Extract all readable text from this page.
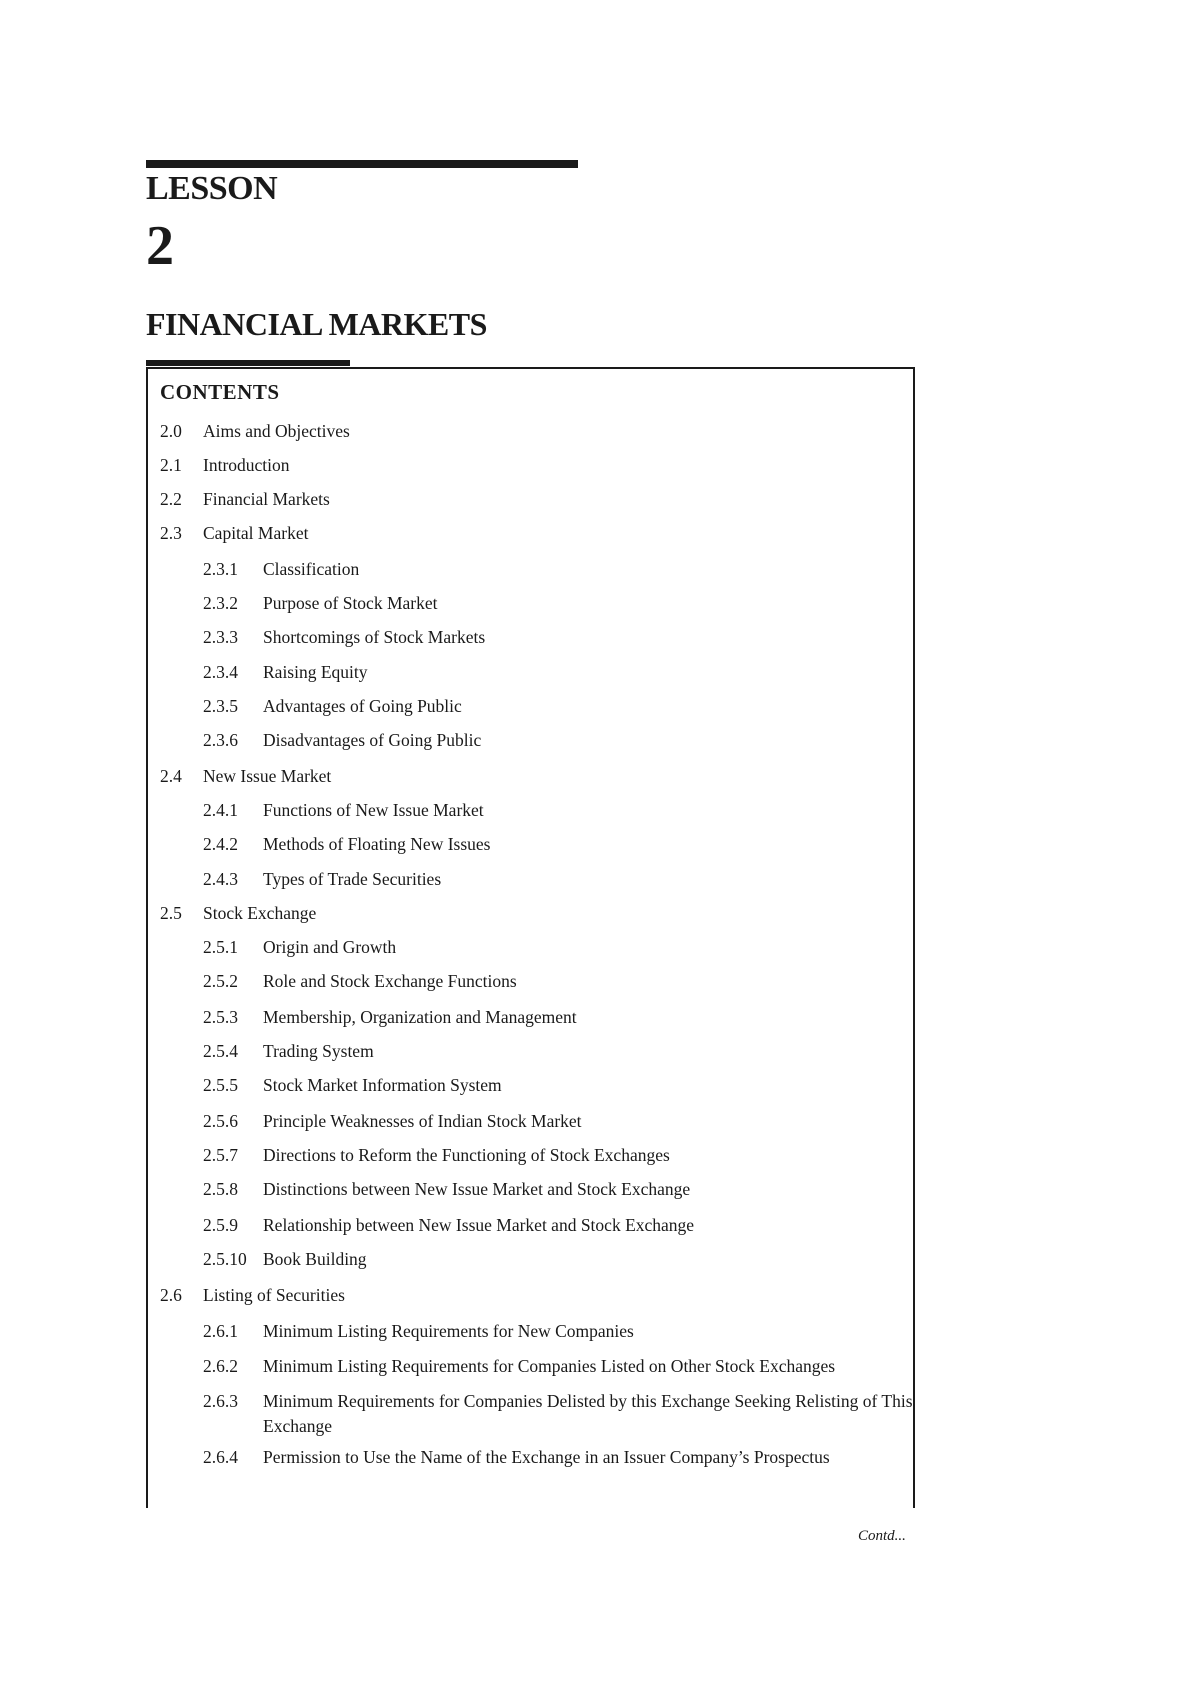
LESSON
2
FINANCIAL MARKETS
CONTENTS
2.0 Aims and Objectives
2.1 Introduction
2.2 Financial Markets
2.3 Capital Market
2.3.1 Classification
2.3.2 Purpose of Stock Market
2.3.3 Shortcomings of Stock Markets
2.3.4 Raising Equity
2.3.5 Advantages of Going Public
2.3.6 Disadvantages of Going Public
2.4 New Issue Market
2.4.1 Functions of New Issue Market
2.4.2 Methods of Floating New Issues
2.4.3 Types of Trade Securities
2.5 Stock Exchange
2.5.1 Origin and Growth
2.5.2 Role and Stock Exchange Functions
2.5.3 Membership, Organization and Management
2.5.4 Trading System
2.5.5 Stock Market Information System
2.5.6 Principle Weaknesses of Indian Stock Market
2.5.7 Directions to Reform the Functioning of Stock Exchanges
2.5.8 Distinctions between New Issue Market and Stock Exchange
2.5.9 Relationship between New Issue Market and Stock Exchange
2.5.10 Book Building
2.6 Listing of Securities
2.6.1 Minimum Listing Requirements for New Companies
2.6.2 Minimum Listing Requirements for Companies Listed on Other Stock Exchanges
2.6.3 Minimum Requirements for Companies Delisted by this Exchange Seeking Relisting of This Exchange
2.6.4 Permission to Use the Name of the Exchange in an Issuer Company’s Prospectus
Contd...
